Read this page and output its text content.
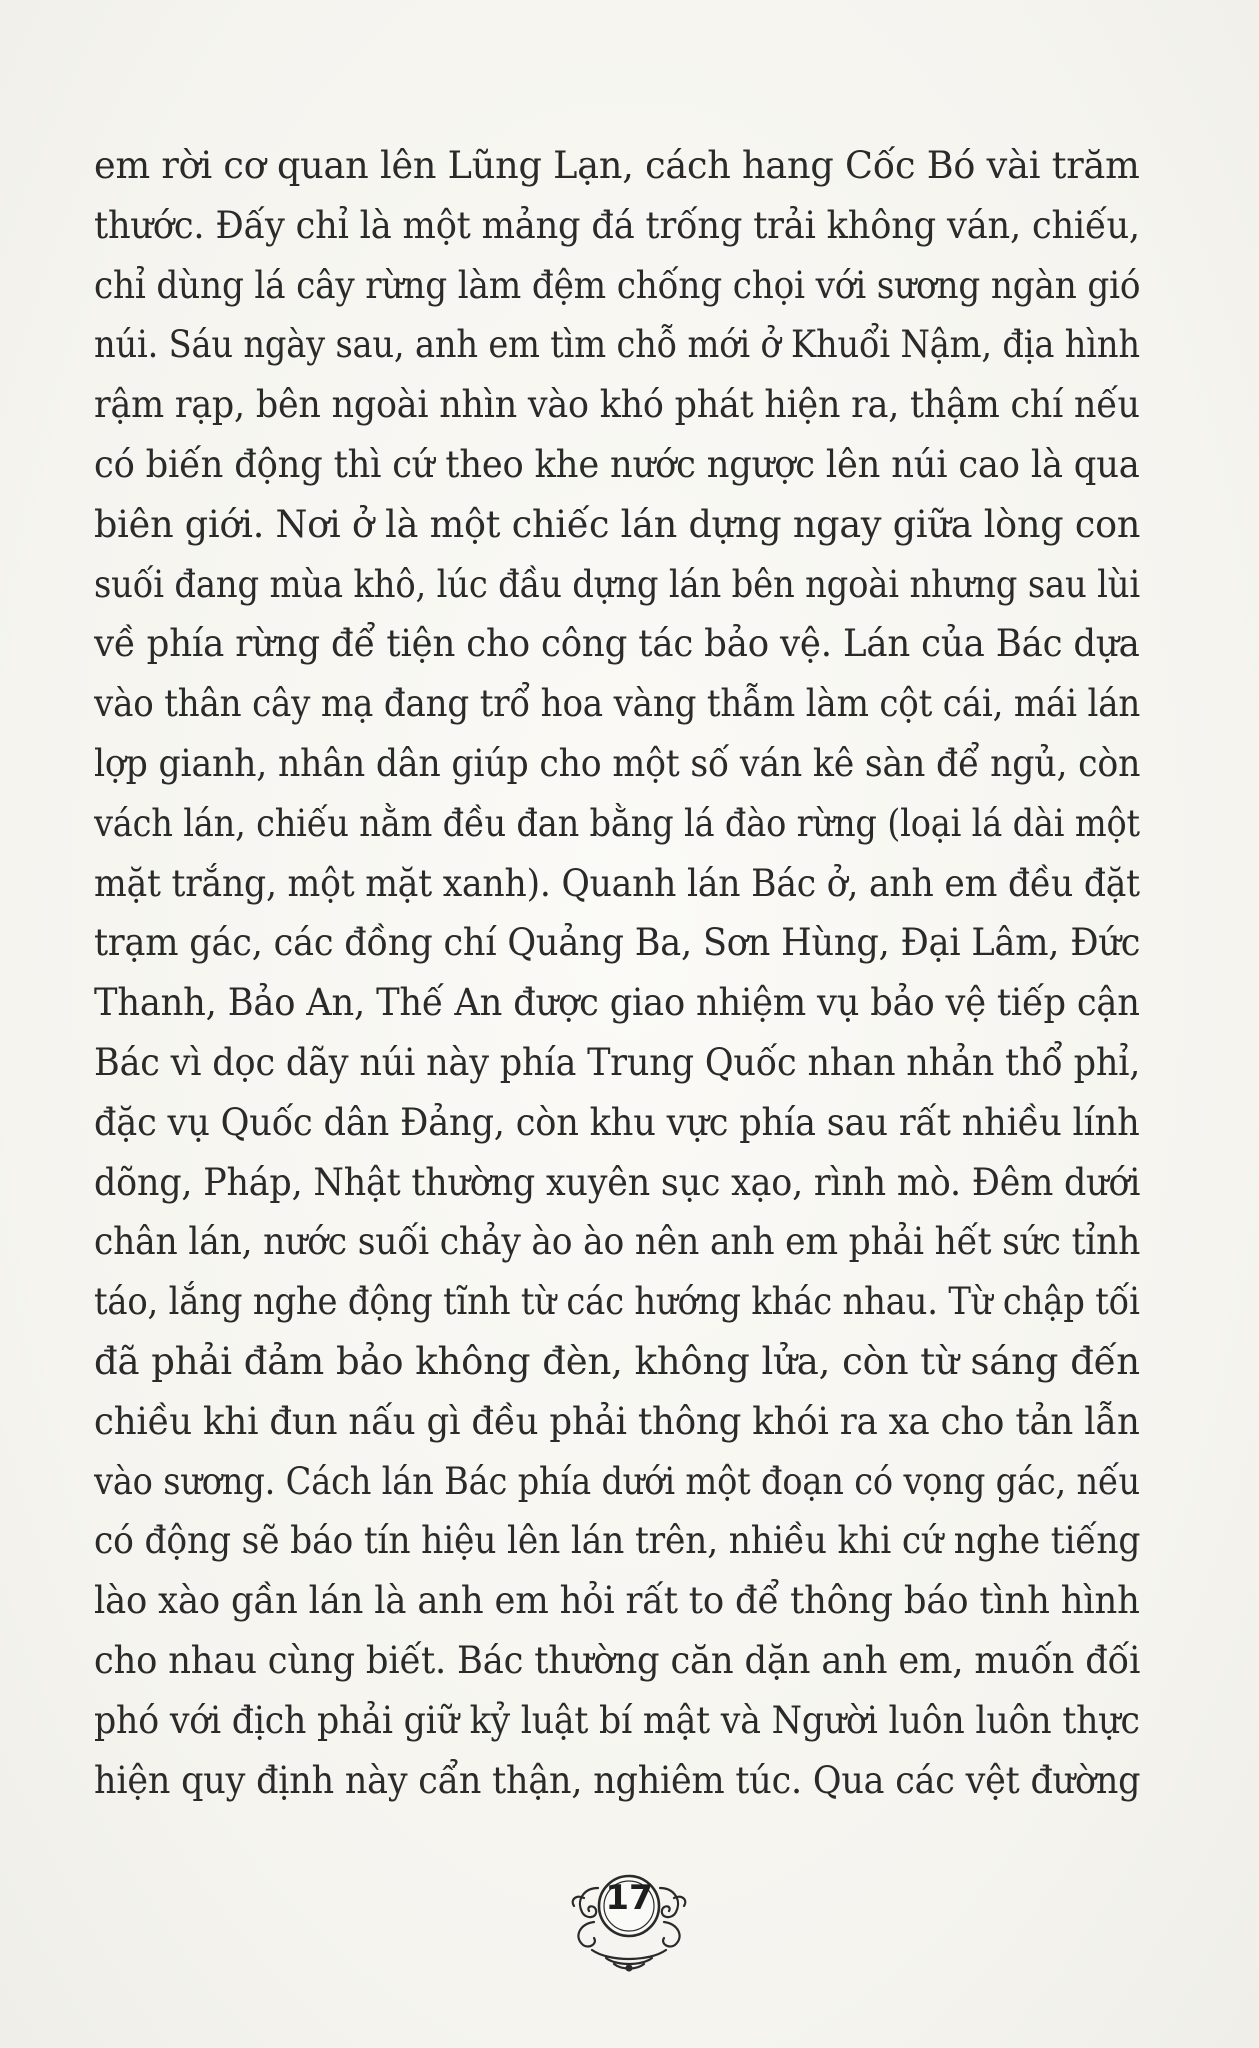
em rời cơ quan lên Lũng Lạn, cách hang Cốc Bó vài trăm
thước. Đấy chỉ là một mảng đá trống trải không ván, chiếu,
chỉ dùng lá cây rừng làm đệm chống chọi với sương ngàn gió
núi. Sáu ngày sau, anh em tìm chỗ mới ở Khuổi Nậm, địa hình
rậm rạp, bên ngoài nhìn vào khó phát hiện ra, thậm chí nếu
có biến động thì cứ theo khe nước ngược lên núi cao là qua
biên giới. Nơi ở là một chiếc lán dựng ngay giữa lòng con
suối đang mùa khô, lúc đầu dựng lán bên ngoài nhưng sau lùi
về phía rừng để tiện cho công tác bảo vệ. Lán của Bác dựa
vào thân cây mạ đang trổ hoa vàng thẫm làm cột cái, mái lán
lợp gianh, nhân dân giúp cho một số ván kê sàn để ngủ, còn
vách lán, chiếu nằm đều đan bằng lá đào rừng (loại lá dài một
mặt trắng, một mặt xanh). Quanh lán Bác ở, anh em đều đặt
trạm gác, các đồng chí Quảng Ba, Sơn Hùng, Đại Lâm, Đức
Thanh, Bảo An, Thế An được giao nhiệm vụ bảo vệ tiếp cận
Bác vì dọc dãy núi này phía Trung Quốc nhan nhản thổ phỉ,
đặc vụ Quốc dân Đảng, còn khu vực phía sau rất nhiều lính
dõng, Pháp, Nhật thường xuyên sục xạo, rình mò. Đêm dưới
chân lán, nước suối chảy ào ào nên anh em phải hết sức tỉnh
táo, lắng nghe động tĩnh từ các hướng khác nhau. Từ chập tối
đã phải đảm bảo không đèn, không lửa, còn từ sáng đến
chiều khi đun nấu gì đều phải thông khói ra xa cho tản lẫn
vào sương. Cách lán Bác phía dưới một đoạn có vọng gác, nếu
có động sẽ báo tín hiệu lên lán trên, nhiều khi cứ nghe tiếng
lào xào gần lán là anh em hỏi rất to để thông báo tình hình
cho nhau cùng biết. Bác thường căn dặn anh em, muốn đối
phó với địch phải giữ kỷ luật bí mật và Người luôn luôn thực
hiện quy định này cẩn thận, nghiêm túc. Qua các vệt đường
17
